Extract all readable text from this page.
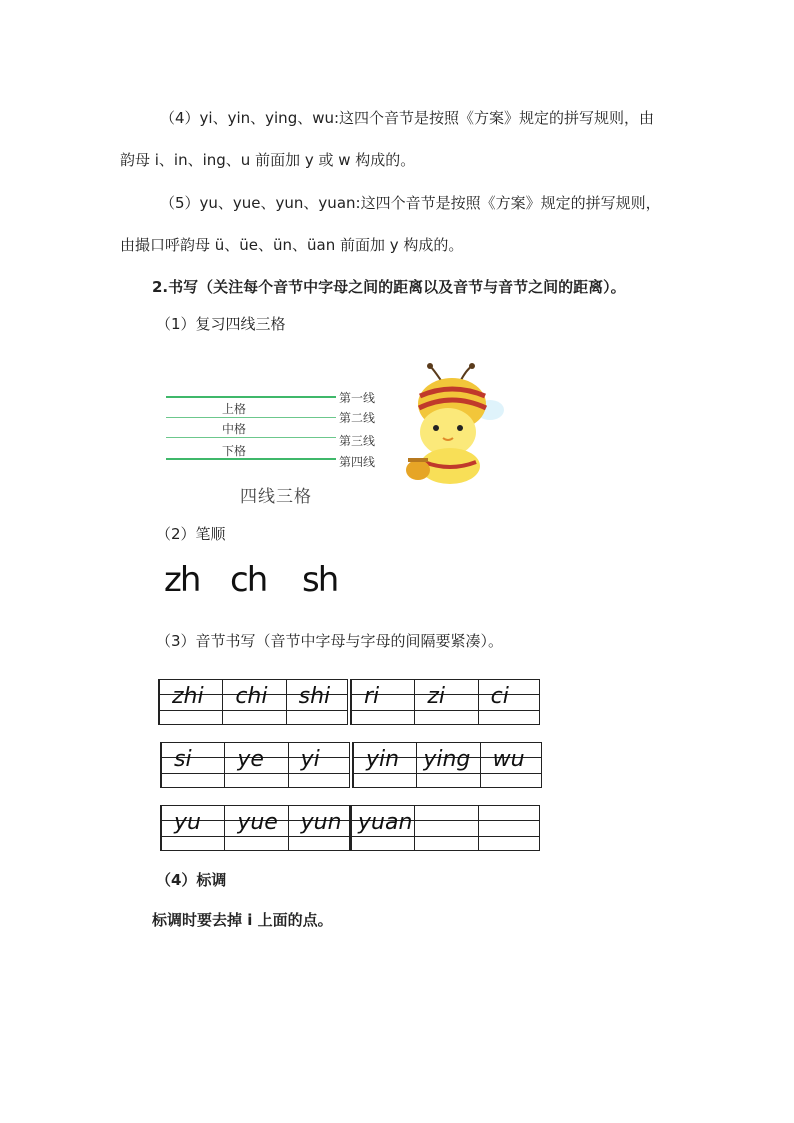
（4）yi、yin、ying、wu:这四个音节是按照《方案》规定的拼写规则，由
韵母 i、in、ing、u 前面加 y 或 w 构成的。
（5）yu、yue、yun、yuan:这四个音节是按照《方案》规定的拼写规则，
由撮口呼韵母 ü、üe、ün、üan 前面加 y 构成的。
2.书写（关注每个音节中字母之间的距离以及音节与音节之间的距离）。
（1）复习四线三格
上格
中格
下格
第一线
第二线
第三线
第四线
四线三格
（2）笔顺
zh ch sh
（3）音节书写（音节中字母与字母的间隔要紧凑）。
zhi chi shi ri zi ci
si ye yi yin ying wu
yu yue yun yuan
（4）标调
标调时要去掉 i 上面的点。
